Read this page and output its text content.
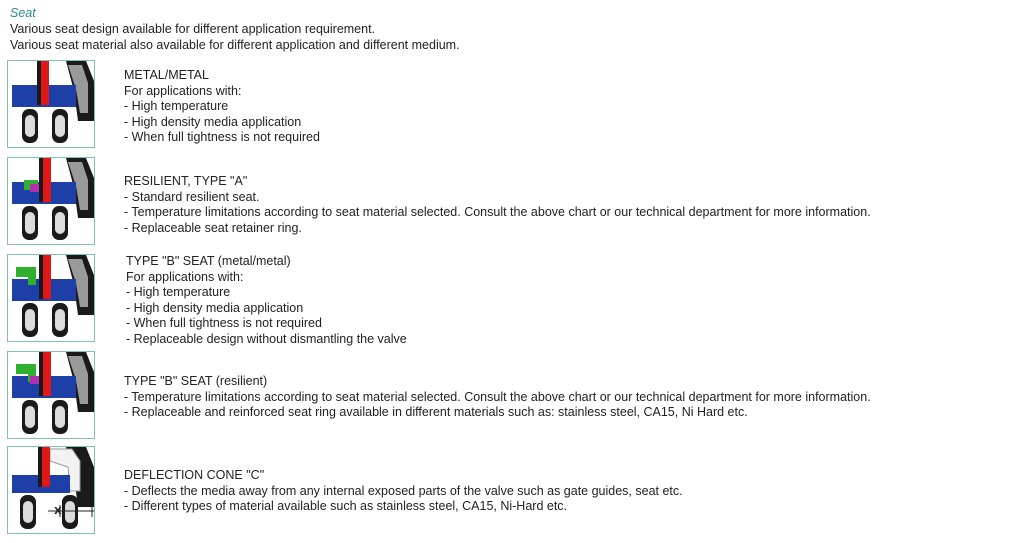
Seat
Various seat design available for different application requirement.
Various seat material also available for different application and different medium.
METAL/METAL
For applications with:
- High temperature
- High density media application
- When full tightness is not required
RESILIENT, TYPE "A"
- Standard resilient seat.
- Temperature limitations according to seat material selected. Consult the above chart or our technical department for more information.
- Replaceable seat retainer ring.
TYPE "B" SEAT (metal/metal)
For applications with:
- High temperature
- High density media application
- When full tightness is not required
- Replaceable design without dismantling the valve
TYPE "B" SEAT (resilient)
- Temperature limitations according to seat material selected. Consult the above chart or our technical department for more information.
- Replaceable and reinforced seat ring available in different materials such as: stainless steel, CA15, Ni Hard etc.
X
DEFLECTION CONE "C"
- Deflects the media away from any internal exposed parts of the valve such as gate guides, seat etc.
- Different types of material available such as stainless steel, CA15, Ni-Hard etc.
